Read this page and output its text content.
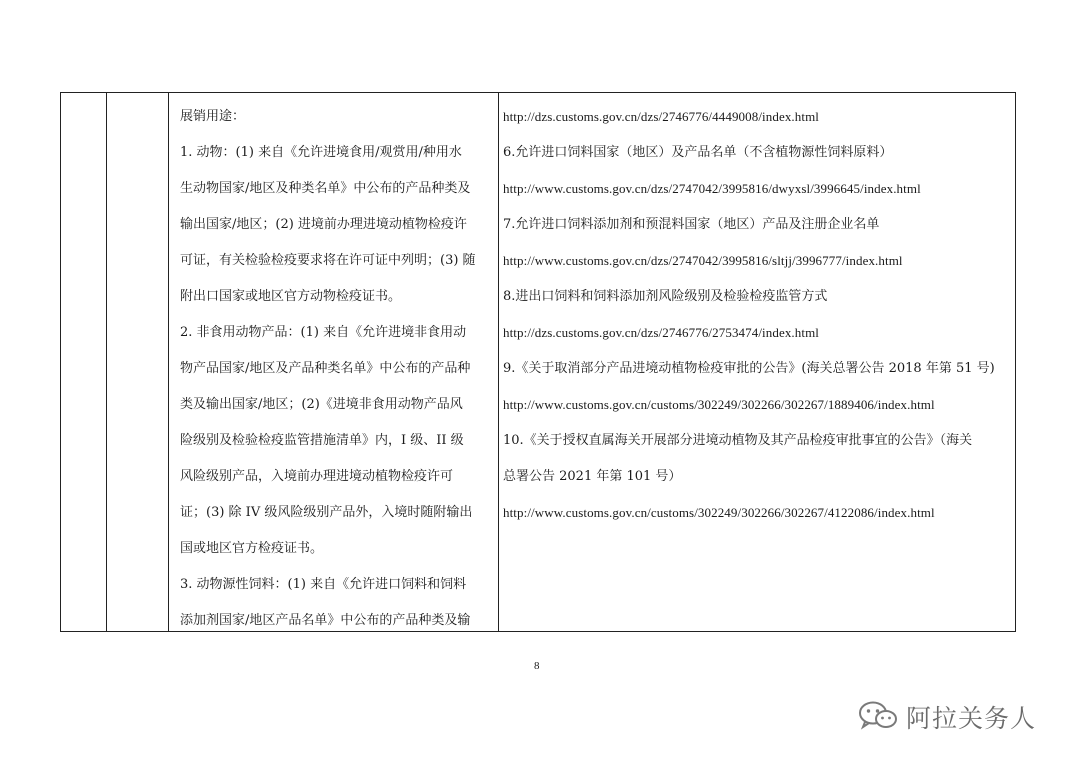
展销用途：
1. 动物：(1) 来自《允许进境食用/观赏用/种用水
生动物国家/地区及种类名单》中公布的产品种类及
输出国家/地区；(2) 进境前办理进境动植物检疫许
可证，有关检验检疫要求将在许可证中列明；(3) 随
附出口国家或地区官方动物检疫证书。
2. 非食用动物产品：(1) 来自《允许进境非食用动
物产品国家/地区及产品种类名单》中公布的产品种
类及输出国家/地区；(2)《进境非食用动物产品风
险级别及检验检疫监管措施清单》内，I 级、II 级
风险级别产品，入境前办理进境动植物检疫许可
证；(3) 除 IV 级风险级别产品外，入境时随附输出
国或地区官方检疫证书。
3. 动物源性饲料：(1) 来自《允许进口饲料和饲料
添加剂国家/地区产品名单》中公布的产品种类及输
http://dzs.customs.gov.cn/dzs/2746776/4449008/index.html
6.允许进口饲料国家（地区）及产品名单（不含植物源性饲料原料）
http://www.customs.gov.cn/dzs/2747042/3995816/dwyxsl/3996645/index.html
7.允许进口饲料添加剂和预混料国家（地区）产品及注册企业名单
http://www.customs.gov.cn/dzs/2747042/3995816/sltjj/3996777/index.html
8.进出口饲料和饲料添加剂风险级别及检验检疫监管方式
http://dzs.customs.gov.cn/dzs/2746776/2753474/index.html
9.《关于取消部分产品进境动植物检疫审批的公告》(海关总署公告 2018 年第 51 号)
http://www.customs.gov.cn/customs/302249/302266/302267/1889406/index.html
10.《关于授权直属海关开展部分进境动植物及其产品检疫审批事宜的公告》（海关
总署公告 2021 年第 101 号）
http://www.customs.gov.cn/customs/302249/302266/302267/4122086/index.html
8
阿拉关务人
